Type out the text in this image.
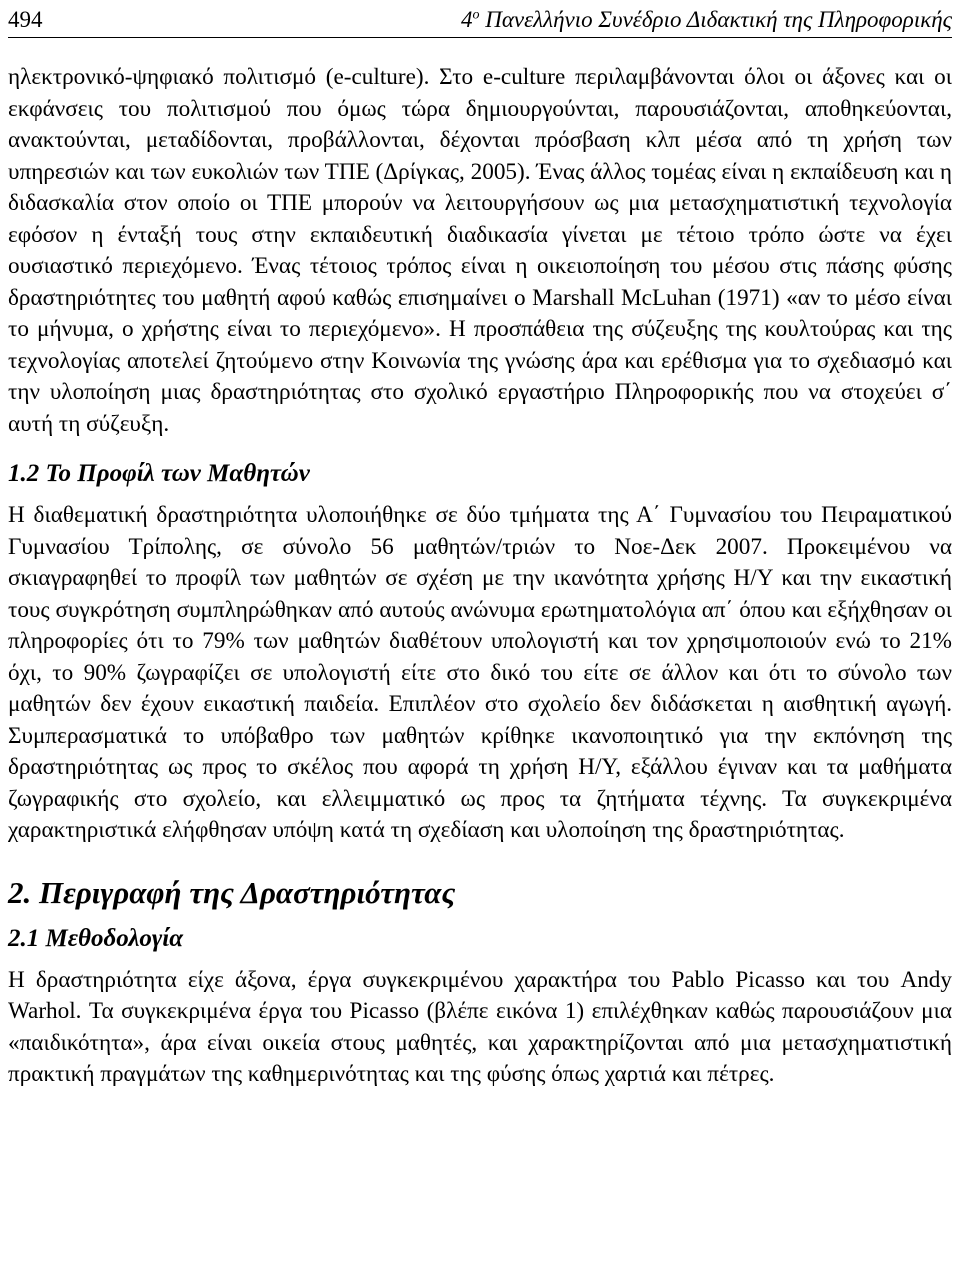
494	$4^o$ Πανελλήνιο Συνέδριο Διδακτική της Πληροφορικής

ηλεκτρονικό-ψηφιακό πολιτισμό (e-culture). Στο e-culture περιλαμβάνονται όλοι οι άξονες και οι εκφάνσεις του πολιτισμού που όμως τώρα δημιουργούνται, παρουσιάζονται, αποθηκεύονται, ανακτούνται, μεταδίδονται, προβάλλονται, δέχονται πρόσβαση κλπ μέσα από τη χρήση των υπηρεσιών και των ευκολιών των ΤΠΕ (Δρίγκας, 2005). Ένας άλλος τομέας είναι η εκπαίδευση και η διδασκαλία στον οποίο οι ΤΠΕ μπορούν να λειτουργήσουν ως μια μετασχηματιστική τεχνολογία εφόσον η ένταξή τους στην εκπαιδευτική διαδικασία γίνεται με τέτοιο τρόπο ώστε να έχει ουσιαστικό περιεχόμενο. Ένας τέτοιος τρόπος είναι η οικειοποίηση του μέσου στις πάσης φύσης δραστηριότητες του μαθητή αφού καθώς επισημαίνει ο Marshall McLuhan (1971) «αν το μέσο είναι το μήνυμα, ο χρήστης είναι το περιεχόμενο». Η προσπάθεια της σύζευξης της κουλτούρας και της τεχνολογίας αποτελεί ζητούμενο στην Κοινωνία της γνώσης άρα και ερέθισμα για το σχεδιασμό και την υλοποίηση μιας δραστηριότητας στο σχολικό εργαστήριο Πληροφορικής που να στοχεύει σ΄ αυτή τη σύζευξη.

1.2 Το Προφίλ των Μαθητών

Η διαθεματική δραστηριότητα υλοποιήθηκε σε δύο τμήματα της Α΄ Γυμνασίου του Πειραματικού Γυμνασίου Τρίπολης, σε σύνολο 56 μαθητών/τριών το Νοε-Δεκ 2007. Προκειμένου να σκιαγραφηθεί το προφίλ των μαθητών σε σχέση με την ικανότητα χρήσης Η/Υ και την εικαστική τους συγκρότηση συμπληρώθηκαν από αυτούς ανώνυμα ερωτηματολόγια απ΄ όπου και εξήχθησαν οι πληροφορίες ότι το 79% των μαθητών διαθέτουν υπολογιστή και τον χρησιμοποιούν ενώ το 21% όχι, το 90% ζωγραφίζει σε υπολογιστή είτε στο δικό του είτε σε άλλον και ότι το σύνολο των μαθητών δεν έχουν εικαστική παιδεία. Επιπλέον στο σχολείο δεν διδάσκεται η αισθητική αγωγή. Συμπερασματικά το υπόβαθρο των μαθητών κρίθηκε ικανοποιητικό για την εκπόνηση της δραστηριότητας ως προς το σκέλος που αφορά τη χρήση Η/Υ, εξάλλου έγιναν και τα μαθήματα ζωγραφικής στο σχολείο, και ελλειμματικό ως προς τα ζητήματα τέχνης. Τα συγκεκριμένα χαρακτηριστικά ελήφθησαν υπόψη κατά τη σχεδίαση και υλοποίηση της δραστηριότητας.

2. Περιγραφή της Δραστηριότητας
2.1 Μεθοδολογία

Η δραστηριότητα είχε άξονα, έργα συγκεκριμένου χαρακτήρα του Pablo Picasso και του Andy Warhol. Τα συγκεκριμένα έργα του Picasso (βλέπε εικόνα 1) επιλέχθηκαν καθώς παρουσιάζουν μια «παιδικότητα», άρα είναι οικεία στους μαθητές, και χαρακτηρίζονται από μια μετασχηματιστική πρακτική πραγμάτων της καθημερινότητας και της φύσης όπως χαρτιά και πέτρες.
